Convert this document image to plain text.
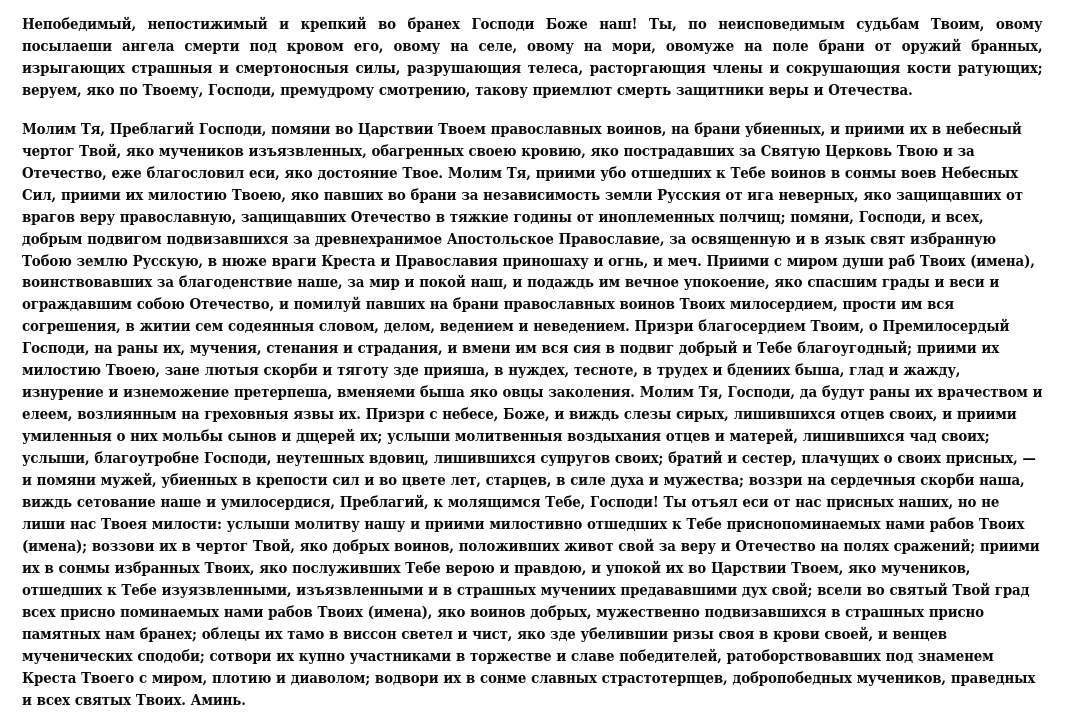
Непобедимый, непостижимый и крепкий во бранех Господи Боже наш! Ты, по неисповедимым судьбам Твоим, овому посылаеши ангела смерти под кровом его, овому на селе, овому на мори, овомуже на поле брани от оружий бранных, изрыгающих страшныя и смертоносныя силы, разрушающия телеса, расторгающия члены и сокрушающия кости ратующих; веруем, яко по Твоему, Господи, премудрому смотрению, такову приемлют смерть защитники веры и Отечества.

Молим Тя, Преблагий Господи, помяни во Царствии Твоем православных воинов, на брани убиенных, и приими их в небесный чертог Твой, яко мучеников изъязвленных, обагренных своею кровию, яко пострадавших за Святую Церковь Твою и за Отечество, еже благословил еси, яко достояние Твое. Молим Тя, приими убо отшедших к Тебе воинов в сонмы воев Небесных Сил, приими их милостию Твоею, яко павших во брани за независимость земли Русския от ига неверных, яко защищавших от врагов веру православную, защищавших Отечество в тяжкие годины от иноплеменных полчищ; помяни, Господи, и всех, добрым подвигом подвизавшихся за древнехранимое Апостольское Православие, за освященную и в язык свят избранную Тобою землю Русскую, в нюже враги Креста и Православия приношаху и огнь, и меч. Приими с миром души раб Твоих (имена), воинствовавших за благоденствие наше, за мир и покой наш, и подаждь им вечное упокоение, яко спасшим грады и веси и ограждавшим собою Отечество, и помилуй павших на брани православных воинов Твоих милосердием, прости им вся согрешения, в житии сем содеянныя словом, делом, ведением и неведением. Призри благосердием Твоим, о Премилосердый Господи, на раны их, мучения, стенания и страдания, и вмени им вся сия в подвиг добрый и Тебе благоугодный; приими их милостию Твоею, зане лютыя скорби и тяготу зде прияша, в нуждех, тесноте, в трудех и бдениих быша, глад и жажду, изнурение и изнеможение претерпеша, вменяеми быша яко овцы заколения. Молим Тя, Господи, да будут раны их врачеством и елеем, возлиянным на греховныя язвы их. Призри с небесе, Боже, и виждь слезы сирых, лишившихся отцев своих, и приими умиленныя о них мольбы сынов и дщерей их; услыши молитвенныя воздыхания отцев и матерей, лишившихся чад своих; услыши, благоутробне Господи, неутешных вдовиц, лишившихся супругов своих; братий и сестер, плачущих о своих присных, — и помяни мужей, убиенных в крепости сил и во цвете лет, старцев, в силе духа и мужества; воззри на сердечныя скорби наша, виждь сетование наше и умилосердися, Преблагий, к молящимся Тебе, Господи! Ты отъял еси от нас присных наших, но не лиши нас Твоея милости: услыши молитву нашу и приими милостивно отшедших к Тебе приснопоминаемых нами рабов Твоих (имена); воззови их в чертог Твой, яко добрых воинов, положивших живот свой за веру и Отечество на полях сражений; приими их в сонмы избранных Твоих, яко послуживших Тебе верою и правдою, и упокой их во Царствии Твоем, яко мучеников, отшедших к Тебе изуязвленными, изъязвленными и в страшных мучениих предававшими дух свой; всели во святый Твой град всех присно поминаемых нами рабов Твоих (имена), яко воинов добрых, мужественно подвизавшихся в страшных присно памятных нам бранех; облецы их тамо в виссон светел и чист, яко зде убелившии ризы своя в крови своей, и венцев мученических сподоби; сотвори их купно участниками в торжестве и славе победителей, ратоборствовавших под знаменем Креста Твоего с миром, плотию и диаволом; водвори их в сонме славных страстотерпцев, добропобедных мучеников, праведных и всех святых Твоих. Аминь.
